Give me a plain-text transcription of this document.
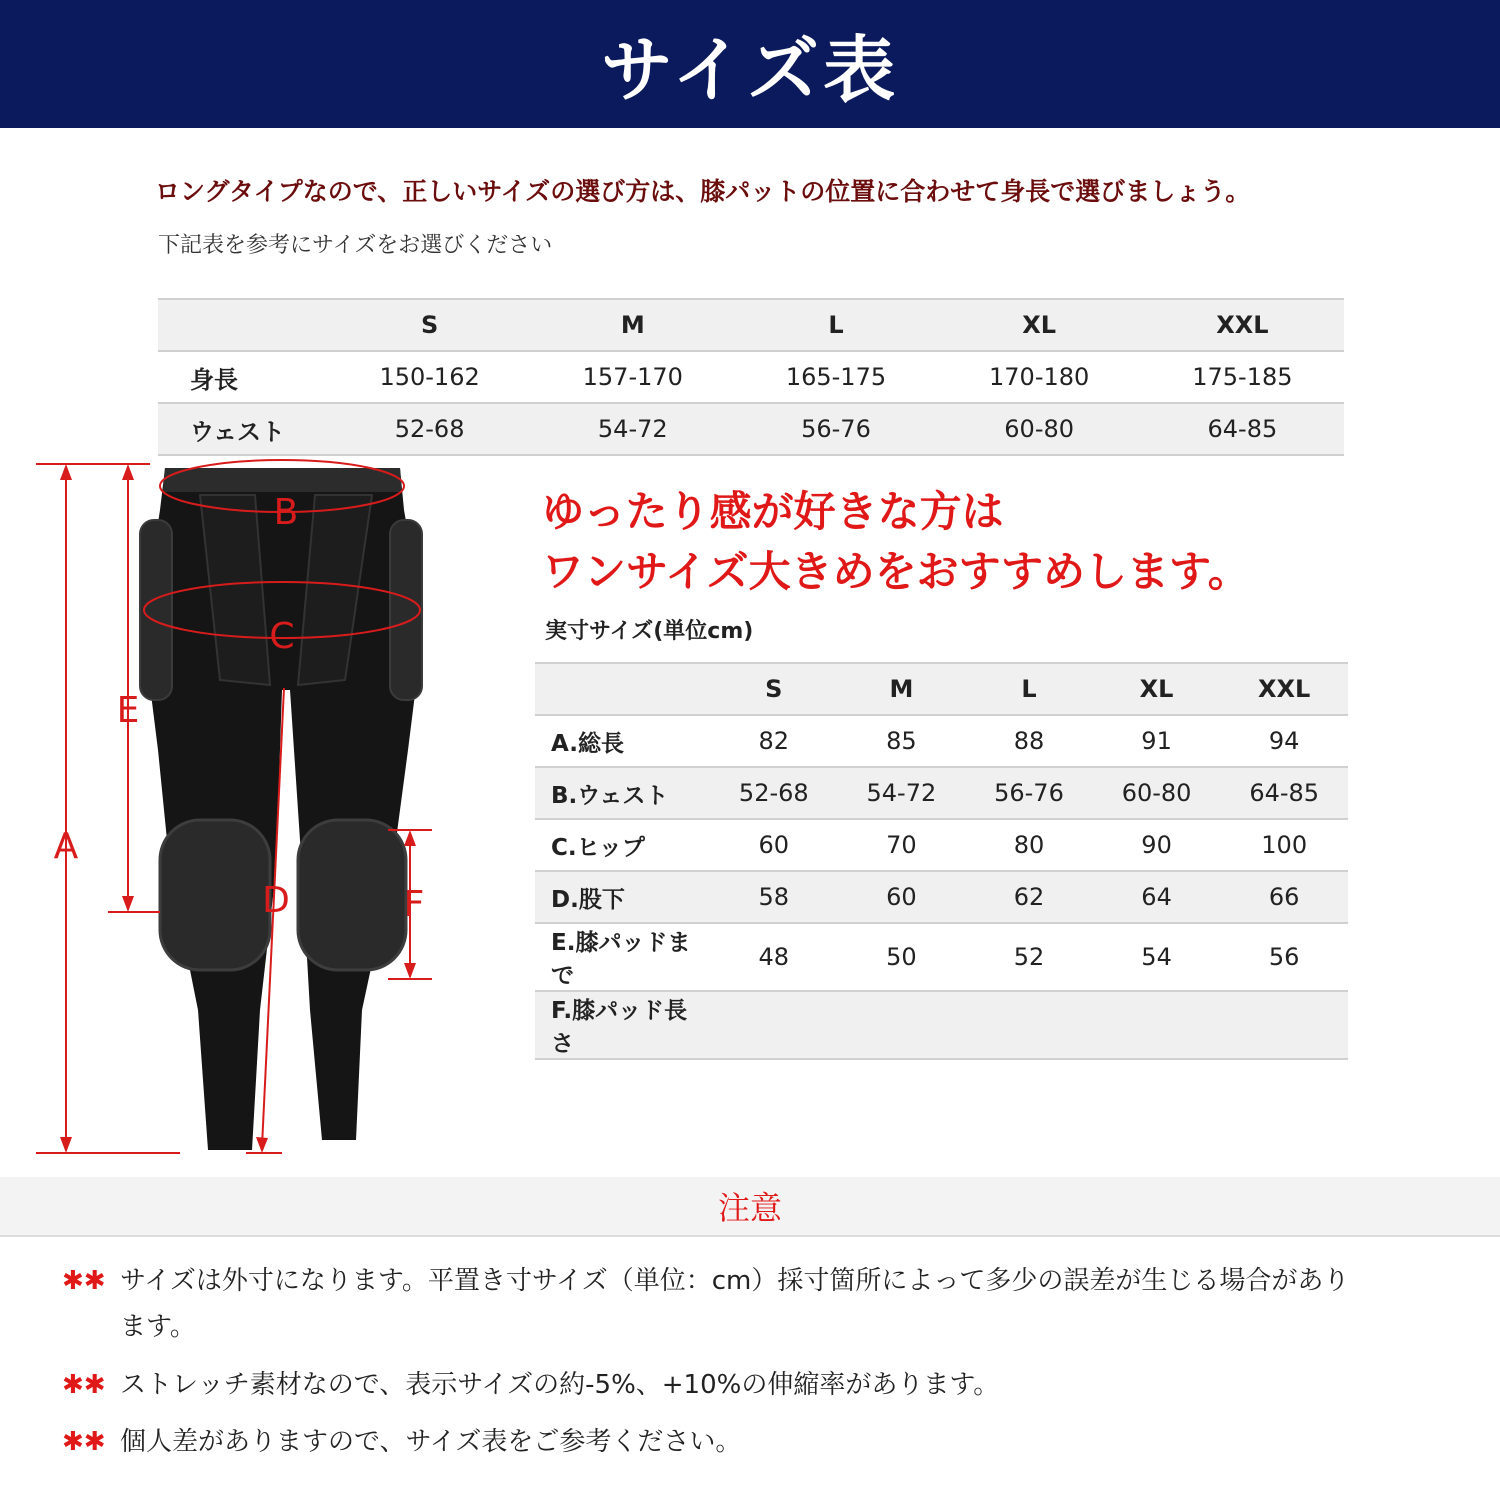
サイズ表
ロングタイプなので、正しいサイズの選び方は、膝パットの位置に合わせて身長で選びましょう。
下記表を参考にサイズをお選びください
	S	M	L	XL	XXL
身長	150-162	157-170	165-175	170-180	175-185
ウェスト	52-68	54-72	56-76	60-80	64-85
A
B
C
D
E
F
ゆったり感が好きな方は
ワンサイズ大きめをおすすめします。
実寸サイズ(単位cm)
	S	M	L	XL	XXL
A.総長	82	85	88	91	94
B.ウェスト	52-68	54-72	56-76	60-80	64-85
C.ヒップ	60	70	80	90	100
D.股下	58	60	62	64	66
E.膝パッドまで	48	50	52	54	56
F.膝パッド長さ					
注意
✱✱ サイズは外寸になります。平置き寸サイズ（単位：cm）採寸箇所によって多少の誤差が生じる場合があります。
✱✱ ストレッチ素材なので、表示サイズの約-5%、+10%の伸縮率があります。
✱✱ 個人差がありますので、サイズ表をご参考ください。
